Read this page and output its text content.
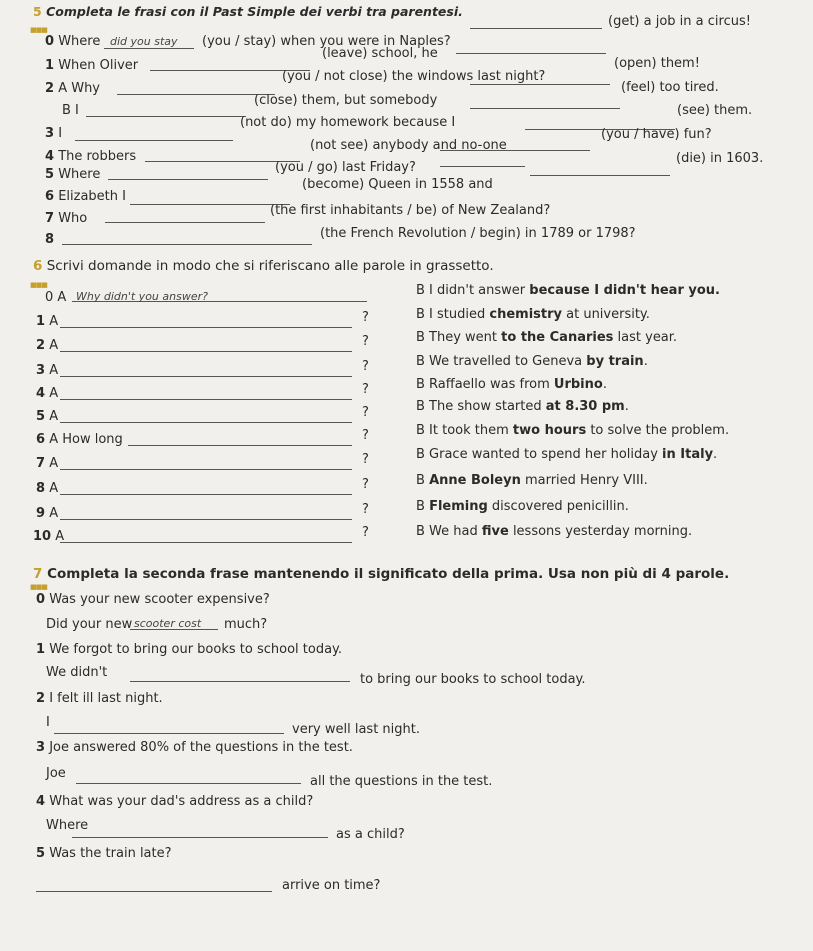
5 Completa le frasi con il Past Simple dei verbi tra parentesi.
■■■
0 Where did you stay (you / stay) when you were in Naples?
(get) a job in a circus!
1 When Oliver
(leave) school, he
(open) them!
2 A Why
(you / not close) the windows last night?
(feel) too tired.
B I
(close) them, but somebody
(see) them.
3 I
(not do) my homework because I
(you / have) fun?
4 The robbers
(not see) anybody and no-one
(die) in 1603.
5 Where	(you / go) last Friday?
6 Elizabeth I
(become) Queen in 1558 and
7 Who
(the first inhabitants / be) of New Zealand?
8	(the French Revolution / begin) in 1789 or 1798?
6 Scrivi domande in modo che si riferiscano alle parole in grassetto.
■■■
0 A Why didn't you answer?	B I didn't answer because I didn't hear you.
1 A	?	B I studied chemistry at university.
2 A	?	B They went to the Canaries last year.
3 A	?	B We travelled to Geneva by train.
4 A	?	B Raffaello was from Urbino.
5 A	?	B The show started at 8.30 pm.
6 A How long	?	B It took them two hours to solve the problem.
7 A	?	B Grace wanted to spend her holiday in Italy.
8 A	?	B Anne Boleyn married Henry VIII.
9 A	?	B Fleming discovered penicillin.
10 A	?	B We had five lessons yesterday morning.
7 Completa la seconda frase mantenendo il significato della prima. Usa non più di 4 parole.
■■■
0 Was your new scooter expensive?
Did your new scooter cost much?
1 We forgot to bring our books to school today.
We didn't	to bring our books to school today.
2 I felt ill last night.
I	very well last night.
3 Joe answered 80% of the questions in the test.
Joe
all the questions in the test.
4 What was your dad's address as a child?
Where
as a child?
5 Was the train late?
arrive on time?
